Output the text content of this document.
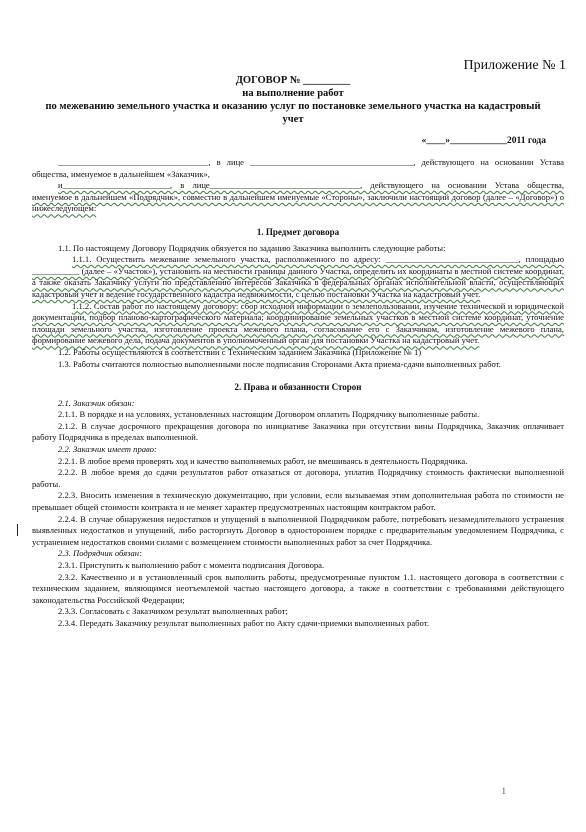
Приложение № 1
ДОГОВОР № _________
на выполнение работ
по межеванию земельного участка и оказанию услуг по постановке земельного участка на кадастровый
учет
«____»____________2011 года

___________________________________, в лице ______________________________________, действующего на основании Устава общества, именуемое в дальнейшем «Заказчик»,

и_________________________, в лице___________________________________, действующего на основании Устава общества, именуемое в дальнейшем «Подрядчик», совместно в дальнейшем именуемые «Стороны», заключили настоящий договор (далее – «Договор») о нижеследующем:

1. Предмет договора

1.1. По настоящему Договору Подрядчик обязуется по заданию Заказчика выполнить следующие работы:

1.1.1. Осуществить межевание земельного участка, расположенного по адресу: _______________________________, площадью ___________ (далее – «Участок»), установить на местности границы данного Участка, определить их координаты в местной системе координат, а также оказать Заказчику услуги по представлению интересов Заказчика в федеральных органах исполнительной власти, осуществляющих кадастровый учет и ведение государственного кадастра недвижимости, с целью постановки Участка на кадастровый учет.

1.1.2. Состав работ по настоящему договору: сбор исходной информации о землепользовании, изучение технической и юридической документации, подбор планово-картографического материала; координирование земельных участков в местной системе координат, уточнение площади земельного участка, изготовление проекта межевого плана, согласование его с Заказчиком, изготовление межевого плана, формирование межевого дела, подача документов в уполномоченный орган для постановки Участка на кадастровый учет.

1.2. Работы осуществляются в соответствии с Техническим заданием Заказчика (Приложение № 1)

1.3. Работы считаются полностью выполненными после подписания Сторонами Акта приема-сдачи выполненных работ.

2. Права и обязанности Сторон

2.1. Заказчик обязан:

2.1.1. В порядке и на условиях, установленных настоящим Договором оплатить Подрядчику выполненные работы.

2.1.2. В случае досрочного прекращения договора по инициативе Заказчика при отсутствии вины Подрядчика, Заказчик оплачивает работу Подрядчика в пределах выполненной.

2.2. Заказчик имеет право:

2.2.1. В любое время проверять ход и качество выполняемых работ, не вмешиваясь в деятельность Подрядчика.

2.2.2. В любое время до сдачи результатов работ отказаться от договора, уплатив Подрядчику стоимость фактически выполненной работы.

2.2.3. Вносить изменения в техническую документацию, при условии, если вызываемая этим дополнительная работа по стоимости не превышает общей стоимости контракта и не меняет характер предусмотренных настоящим контрактом работ.

2.2.4. В случае обнаружения недостатков и упущений в выполненной Подрядчиком работе, потребовать незамедлительного устранения выявленных недостатков и упущений, либо расторгнуть Договор в одностороннем порядке с предварительным уведомлением Подрядчика, с устранением недостатков своими силами с возмещением стоимости выполненных работ за счет Подрядчика.

2.3. Подрядчик обязан:

2.3.1. Приступить к выполнению работ с момента подписания Договора.

2.3.2. Качественно и в установленный срок выполнить работы, предусмотренные пунктом 1.1. настоящего договора в соответствии с техническим заданием, являющимся неотъемлемой частью настоящего договора, а также в соответствии с требованиями действующего законодательства Российской Федерации;

2.3.3. Согласовать с Заказчиком результат выполненных работ;

2.3.4. Передать Заказчику результат выполненных работ по Акту сдачи-приемки выполненных работ.

1
